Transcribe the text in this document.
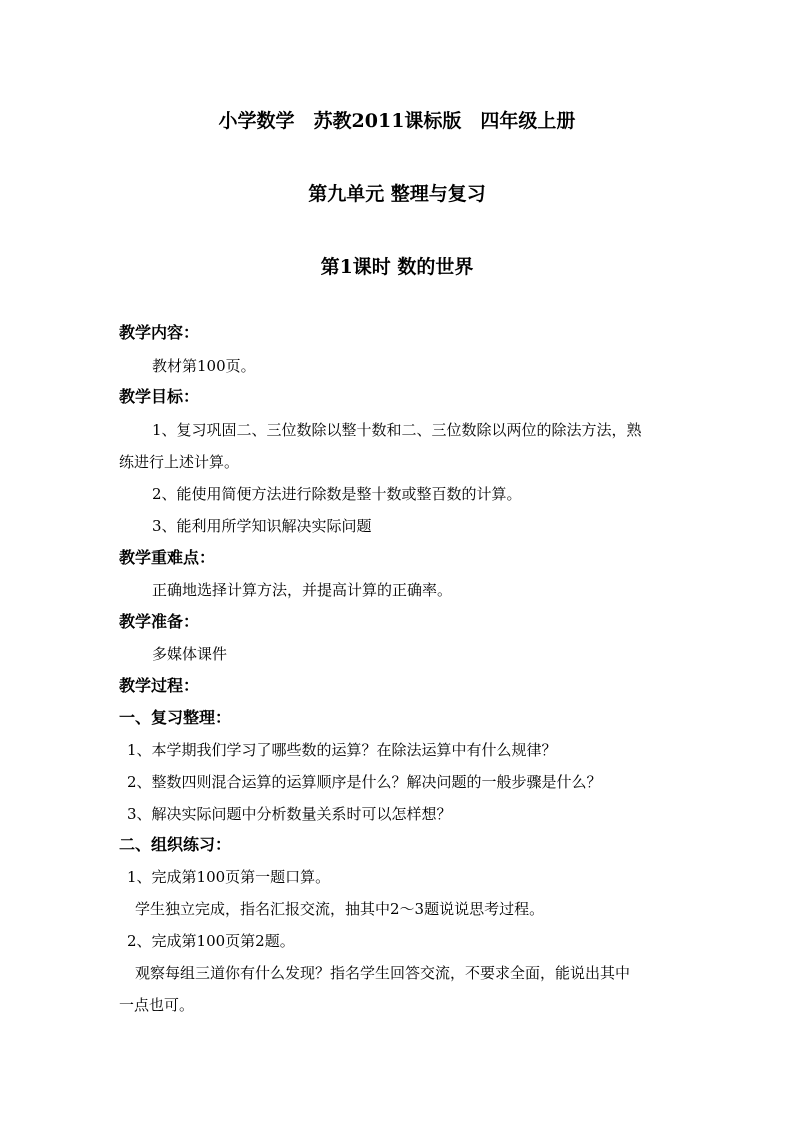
小学数学　苏教2011课标版　四年级上册
第九单元 整理与复习
第1课时 数的世界
教学内容：
教材第100页。
教学目标：
1、复习巩固二、三位数除以整十数和二、三位数除以两位的除法方法，熟
练进行上述计算。
2、能使用简便方法进行除数是整十数或整百数的计算。
3、能利用所学知识解决实际问题
教学重难点：
正确地选择计算方法，并提高计算的正确率。
教学准备：
多媒体课件
教学过程：
一、复习整理：
1、本学期我们学习了哪些数的运算？在除法运算中有什么规律？
2、整数四则混合运算的运算顺序是什么？解决问题的一般步骤是什么？
3、解决实际问题中分析数量关系时可以怎样想？
二、组织练习：
1、完成第100页第一题口算。
学生独立完成，指名汇报交流，抽其中2～3题说说思考过程。
2、完成第100页第2题。
观察每组三道你有什么发现？指名学生回答交流，不要求全面，能说出其中
一点也可。
